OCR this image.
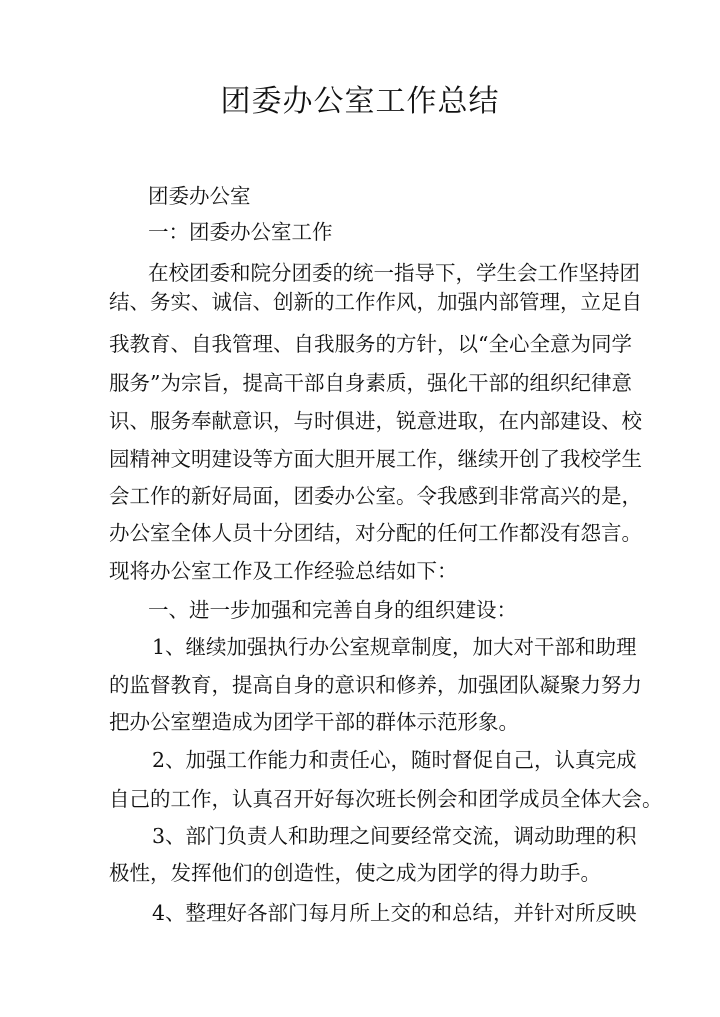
团委办公室工作总结
团委办公室
一：团委办公室工作
在校团委和院分团委的统一指导下，学生会工作坚持团
结、务实、诚信、创新的工作作风，加强内部管理，立足自
我教育、自我管理、自我服务的方针，以“全心全意为同学
服务”为宗旨，提高干部自身素质，强化干部的组织纪律意
识、服务奉献意识，与时俱进，锐意进取，在内部建设、校
园精神文明建设等方面大胆开展工作，继续开创了我校学生
会工作的新好局面，团委办公室。令我感到非常高兴的是，
办公室全体人员十分团结，对分配的任何工作都没有怨言。
现将办公室工作及工作经验总结如下：
一、进一步加强和完善自身的组织建设：
1、继续加强执行办公室规章制度，加大对干部和助理
的监督教育，提高自身的意识和修养，加强团队凝聚力努力
把办公室塑造成为团学干部的群体示范形象。
2、加强工作能力和责任心，随时督促自己，认真完成
自己的工作，认真召开好每次班长例会和团学成员全体大会。
3、部门负责人和助理之间要经常交流，调动助理的积
极性，发挥他们的创造性，使之成为团学的得力助手。
4、整理好各部门每月所上交的和总结，并针对所反映
